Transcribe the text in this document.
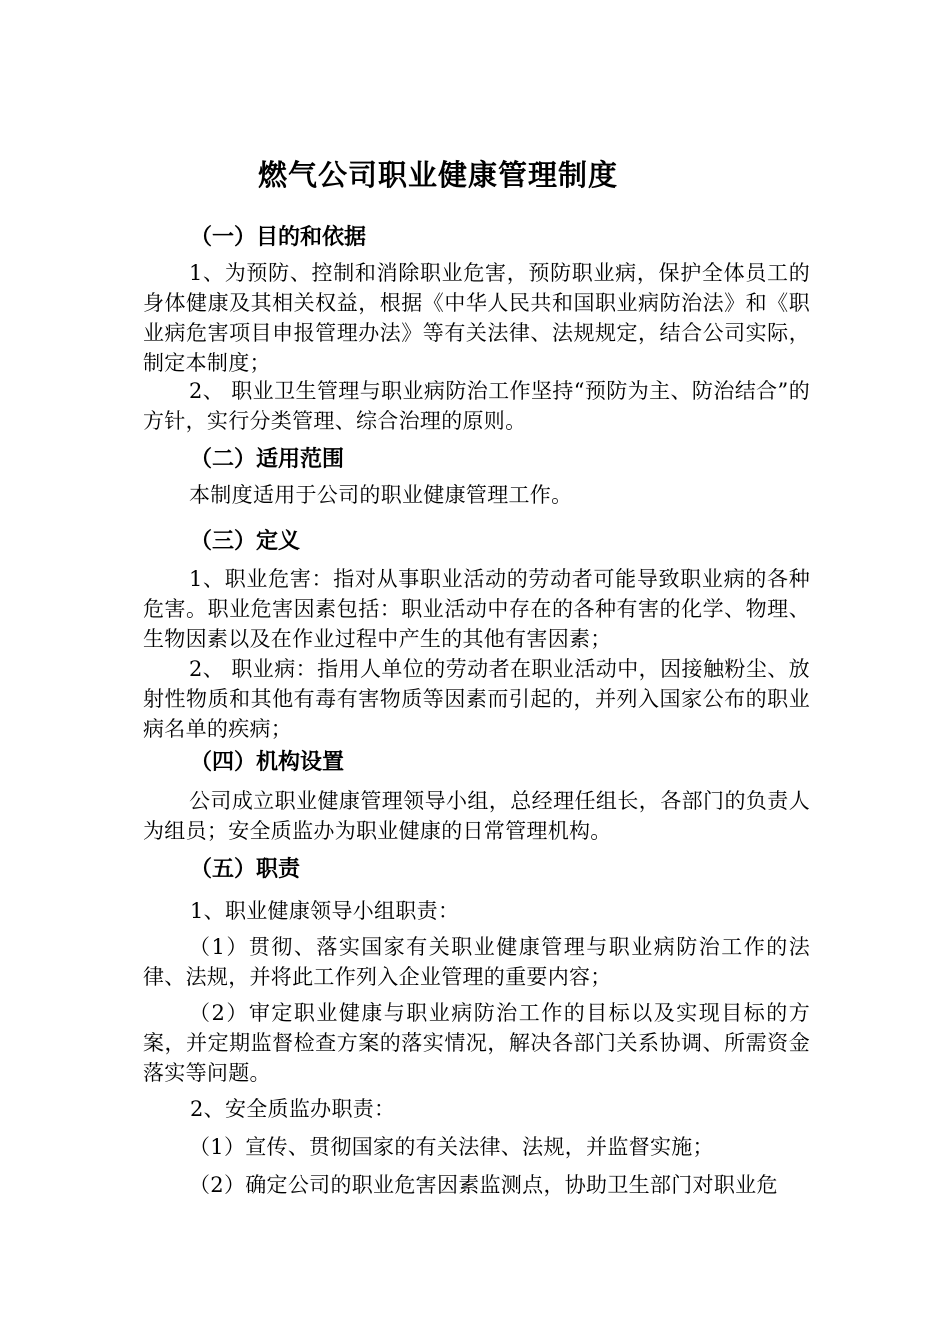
燃气公司职业健康管理制度
（一）目的和依据
1、为预防、控制和消除职业危害，预防职业病，保护全体员工的身体健康及其相关权益，根据《中华人民共和国职业病防治法》和《职业病危害项目申报管理办法》等有关法律、法规规定，结合公司实际，制定本制度；
2、 职业卫生管理与职业病防治工作坚持“预防为主、防治结合”的方针，实行分类管理、综合治理的原则。
（二）适用范围
本制度适用于公司的职业健康管理工作。
（三）定义
1、职业危害：指对从事职业活动的劳动者可能导致职业病的各种危害。职业危害因素包括：职业活动中存在的各种有害的化学、物理、生物因素以及在作业过程中产生的其他有害因素；
2、 职业病：指用人单位的劳动者在职业活动中，因接触粉尘、放射性物质和其他有毒有害物质等因素而引起的，并列入国家公布的职业病名单的疾病；
（四）机构设置
公司成立职业健康管理领导小组，总经理任组长，各部门的负责人为组员；安全质监办为职业健康的日常管理机构。
（五）职责
1、职业健康领导小组职责：
（1）贯彻、落实国家有关职业健康管理与职业病防治工作的法律、法规，并将此工作列入企业管理的重要内容；
（2）审定职业健康与职业病防治工作的目标以及实现目标的方案，并定期监督检查方案的落实情况，解决各部门关系协调、所需资金落实等问题。
2、安全质监办职责：
（1）宣传、贯彻国家的有关法律、法规，并监督实施；
（2）确定公司的职业危害因素监测点，协助卫生部门对职业危
